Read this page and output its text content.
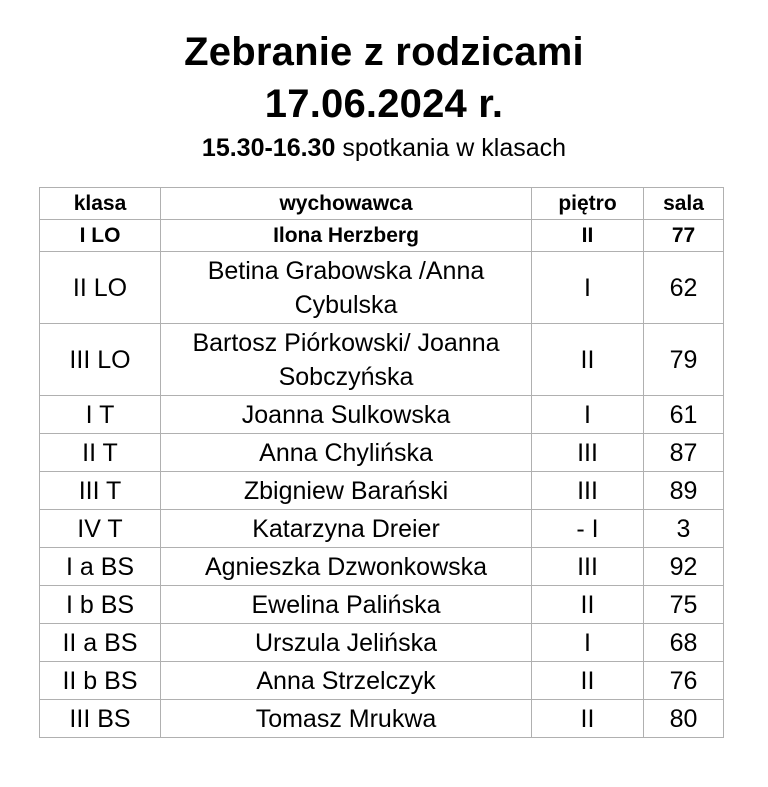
Zebranie z rodzicami
17.06.2024 r.
15.30-16.30 spotkania w klasach
klasa	wychowawca	piętro	sala
I LO	Ilona Herzberg	II	77
II LO	Betina Grabowska /Anna Cybulska	I	62
III LO	Bartosz Piórkowski/ Joanna Sobczyńska	II	79
I T	Joanna Sulkowska	I	61
II T	Anna Chylińska	III	87
III T	Zbigniew Barański	III	89
IV T	Katarzyna Dreier	- I	3
I a BS	Agnieszka Dzwonkowska	III	92
I b BS	Ewelina Palińska	II	75
II a BS	Urszula Jelińska	I	68
II b BS	Anna Strzelczyk	II	76
III BS	Tomasz Mrukwa	II	80
